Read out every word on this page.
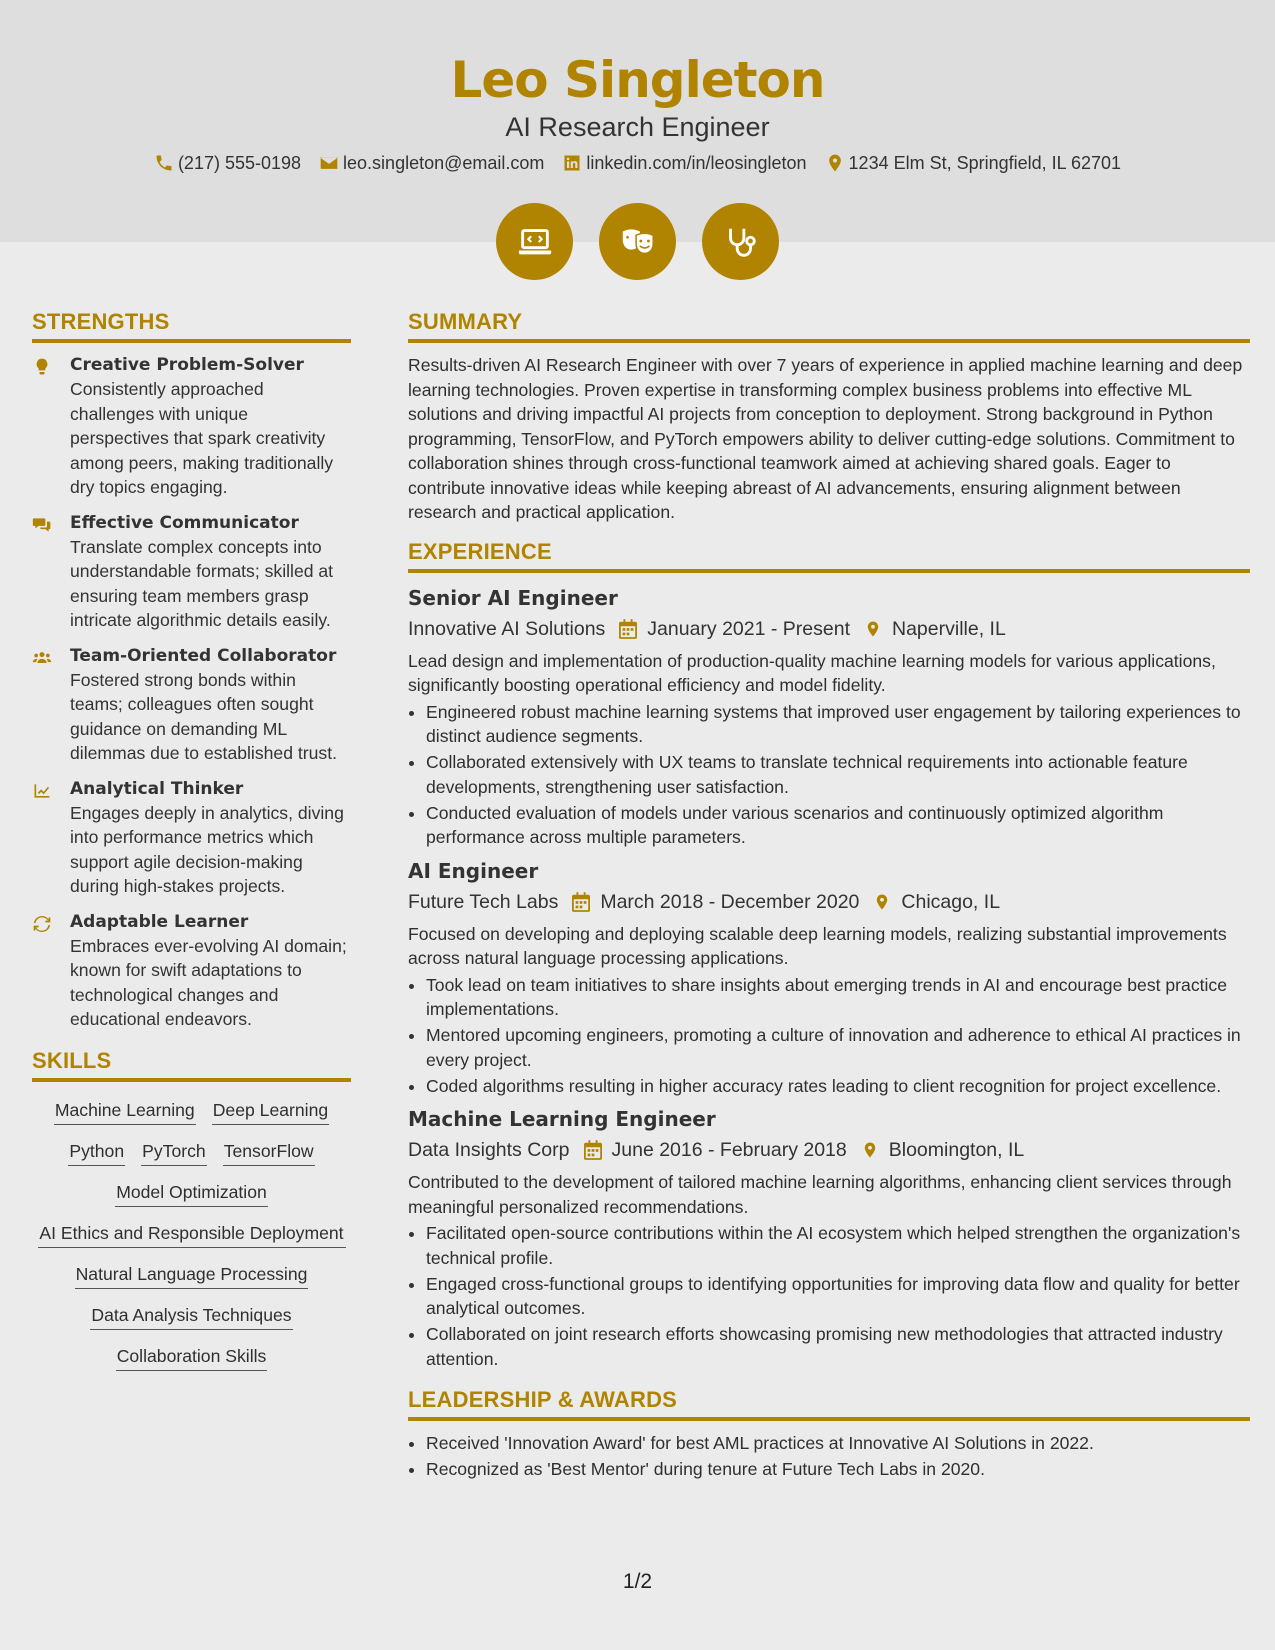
Leo Singleton
AI Research Engineer
(217) 555-0198 leo.singleton@email.com linkedin.com/in/leosingleton 1234 Elm St, Springfield, IL 62701
STRENGTHS
Creative Problem-Solver
Consistently approached challenges with unique perspectives that spark creativity among peers, making traditionally dry topics engaging.
Effective Communicator
Translate complex concepts into understandable formats; skilled at ensuring team members grasp intricate algorithmic details easily.
Team-Oriented Collaborator
Fostered strong bonds within teams; colleagues often sought guidance on demanding ML dilemmas due to established trust.
Analytical Thinker
Engages deeply in analytics, diving into performance metrics which support agile decision-making during high-stakes projects.
Adaptable Learner
Embraces ever-evolving AI domain; known for swift adaptations to technological changes and educational endeavors.
SKILLS
Machine Learning Deep Learning
Python PyTorch TensorFlow
Model Optimization
AI Ethics and Responsible Deployment
Natural Language Processing
Data Analysis Techniques
Collaboration Skills
SUMMARY

Results-driven AI Research Engineer with over 7 years of experience in applied machine learning and deep learning technologies. Proven expertise in transforming complex business problems into effective ML solutions and driving impactful AI projects from conception to deployment. Strong background in Python programming, TensorFlow, and PyTorch empowers ability to deliver cutting-edge solutions. Commitment to collaboration shines through cross-functional teamwork aimed at achieving shared goals. Eager to contribute innovative ideas while keeping abreast of AI advancements, ensuring alignment between research and practical application.

EXPERIENCE
Senior AI Engineer
Innovative AI Solutions January 2021 - Present Naperville, IL
Lead design and implementation of production-quality machine learning models for various applications, significantly boosting operational efficiency and model fidelity.
• Engineered robust machine learning systems that improved user engagement by tailoring experiences to distinct audience segments.
• Collaborated extensively with UX teams to translate technical requirements into actionable feature developments, strengthening user satisfaction.
• Conducted evaluation of models under various scenarios and continuously optimized algorithm performance across multiple parameters.
AI Engineer
Future Tech Labs March 2018 - December 2020 Chicago, IL
Focused on developing and deploying scalable deep learning models, realizing substantial improvements across natural language processing applications.
• Took lead on team initiatives to share insights about emerging trends in AI and encourage best practice implementations.
• Mentored upcoming engineers, promoting a culture of innovation and adherence to ethical AI practices in every project.
• Coded algorithms resulting in higher accuracy rates leading to client recognition for project excellence.
Machine Learning Engineer
Data Insights Corp June 2016 - February 2018 Bloomington, IL
Contributed to the development of tailored machine learning algorithms, enhancing client services through meaningful personalized recommendations.
• Facilitated open-source contributions within the AI ecosystem which helped strengthen the organization's technical profile.
• Engaged cross-functional groups to identifying opportunities for improving data flow and quality for better analytical outcomes.
• Collaborated on joint research efforts showcasing promising new methodologies that attracted industry attention.
LEADERSHIP & AWARDS
• Received 'Innovation Award' for best AML practices at Innovative AI Solutions in 2022.
• Recognized as 'Best Mentor' during tenure at Future Tech Labs in 2020.
1/2
